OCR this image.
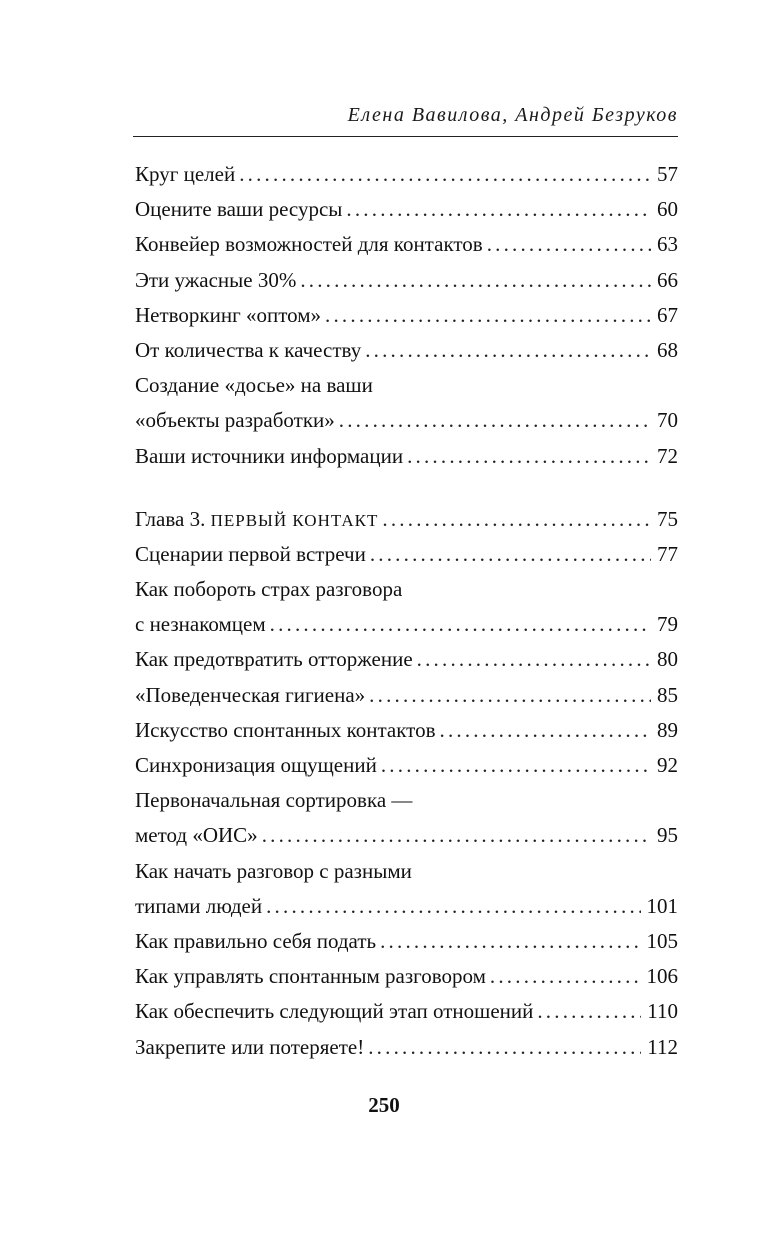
Елена Вавилова, Андрей Безруков
Круг целей .....	57
Оцените ваши ресурсы .....	60
Конвейер возможностей для контактов .....	63
Эти ужасные 30% .....	66
Нетворкинг «оптом» .....	67
От количества к качеству .....	68
Создание «досье» на ваши
«объекты разработки» .....	70
Ваши источники информации .....	72
Глава 3. ПЕРВЫЙ КОНТАКТ .....	75
Сценарии первой встречи .....	77
Как побороть страх разговора
с незнакомцем .....	79
Как предотвратить отторжение .....	80
«Поведенческая гигиена» .....	85
Искусство спонтанных контактов .....	89
Синхронизация ощущений .....	92
Первоначальная сортировка —
метод «ОИС» .....	95
Как начать разговор с разными
типами людей .....	101
Как правильно себя подать .....	105
Как управлять спонтанным разговором .....	106
Как обеспечить следующий этап отношений .....	110
Закрепите или потеряете! .....	112
250
